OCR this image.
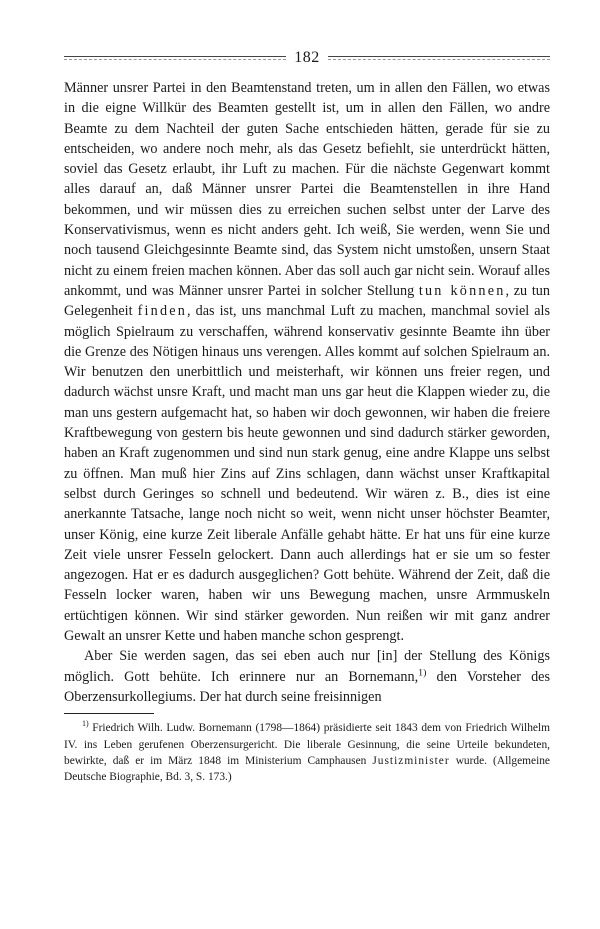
182

Männer unsrer Partei in den Beamtenstand treten, um in allen den Fällen, wo etwas in die eigne Willkür des Beamten gestellt ist, um in allen den Fällen, wo andre Beamte zu dem Nachteil der guten Sache entschieden hätten, gerade für sie zu entscheiden, wo andere noch mehr, als das Gesetz befiehlt, sie unterdrückt hätten, soviel das Gesetz erlaubt, ihr Luft zu machen. Für die nächste Gegenwart kommt alles darauf an, daß Männer unsrer Partei die Beamtenstellen in ihre Hand bekommen, und wir müssen dies zu erreichen suchen selbst unter der Larve des Konservativismus, wenn es nicht anders geht. Ich weiß, Sie werden, wenn Sie und noch tausend Gleichgesinnte Beamte sind, das System nicht umstoßen, unsern Staat nicht zu einem freien machen können. Aber das soll auch gar nicht sein. Worauf alles ankommt, und was Männer unsrer Partei in solcher Stellung tun können, zu tun Gelegenheit finden, das ist, uns manchmal Luft zu machen, manchmal soviel als möglich Spielraum zu verschaffen, während konservativ gesinnte Beamte ihn über die Grenze des Nötigen hinaus uns verengen. Alles kommt auf solchen Spielraum an. Wir benutzen den unerbittlich und meisterhaft, wir können uns freier regen, und dadurch wächst unsre Kraft, und macht man uns gar heut die Klappen wieder zu, die man uns gestern aufgemacht hat, so haben wir doch gewonnen, wir haben die freiere Kraftbewegung von gestern bis heute gewonnen und sind dadurch stärker geworden, haben an Kraft zugenommen und sind nun stark genug, eine andre Klappe uns selbst zu öffnen. Man muß hier Zins auf Zins schlagen, dann wächst unser Kraftkapital selbst durch Geringes so schnell und bedeutend. Wir wären z. B., dies ist eine anerkannte Tatsache, lange noch nicht so weit, wenn nicht unser höchster Beamter, unser König, eine kurze Zeit liberale Anfälle gehabt hätte. Er hat uns für eine kurze Zeit viele unsrer Fesseln gelockert. Dann auch allerdings hat er sie um so fester angezogen. Hat er es dadurch ausgeglichen? Gott behüte. Während der Zeit, daß die Fesseln locker waren, haben wir uns Bewegung machen, unsre Armmuskeln ertüchtigen können. Wir sind stärker geworden. Nun reißen wir mit ganz andrer Gewalt an unsrer Kette und haben manche schon gesprengt.

Aber Sie werden sagen, das sei eben auch nur [in] der Stellung des Königs möglich. Gott behüte. Ich erinnere nur an Bornemann,$^{1)}$ den Vorsteher des Oberzensurkollegiums. Der hat durch seine freisinnigen

$^{1)}$ Friedrich Wilh. Ludw. Bornemann (1798—1864) präsidierte seit 1843 dem von Friedrich Wilhelm IV. ins Leben gerufenen Oberzensurgericht. Die liberale Gesinnung, die seine Urteile bekundeten, bewirkte, daß er im März 1848 im Ministerium Camphausen Justizminister wurde. (Allgemeine Deutsche Biographie, Bd. 3, S. 173.)
